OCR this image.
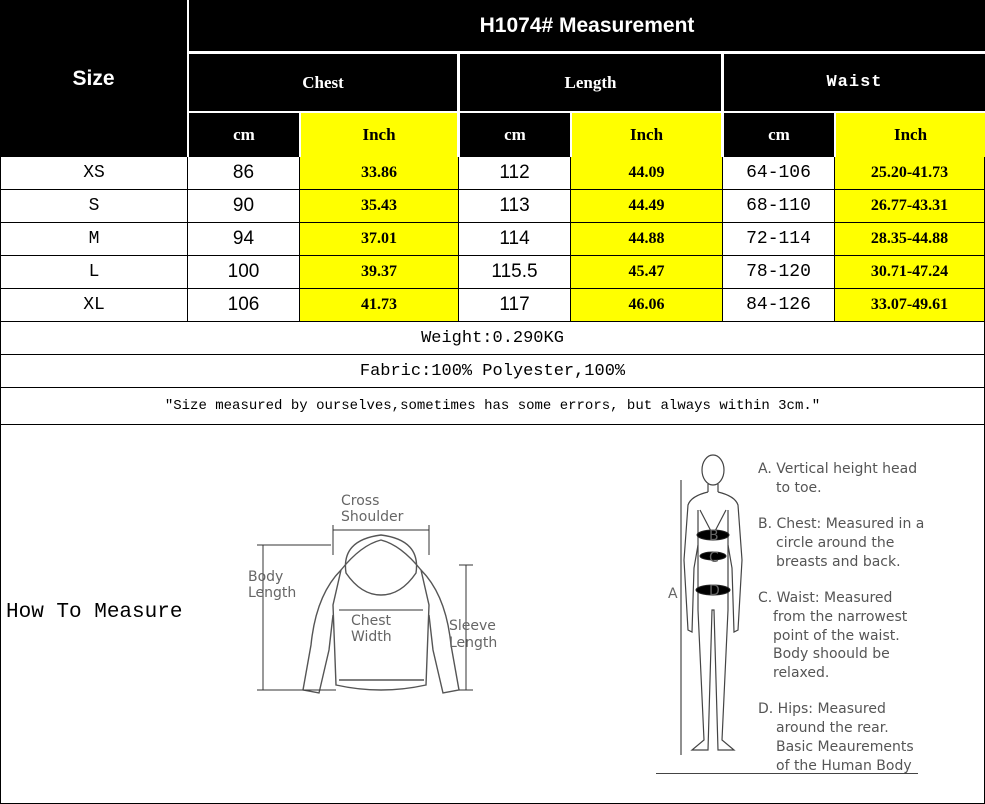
Size
H1074# Measurement
Chest	Length	Waist
cm	Inch	cm	Inch	cm	Inch
XS	86	33.86	112	44.09	64-106	25.20-41.73
S	90	35.43	113	44.49	68-110	26.77-43.31
M	94	37.01	114	44.88	72-114	28.35-44.88
L	100	39.37	115.5	45.47	78-120	30.71-47.24
XL	106	41.73	117	46.06	84-126	33.07-49.61
Weight:0.290KG
Fabric:100% Polyester,100%
"Size measured by ourselves,sometimes has some errors, but always within 3cm."
How To Measure
Cross
Shoulder
Body
Length
Chest
Width
Sleeve
Length
B
C
D
A
A. Vertical height head
to toe.
B. Chest: Measured in a
circle around the
breasts and back.
C. Waist: Measured
from the narrowest
point of the waist.
Body shoould be
relaxed.
D. Hips: Measured
around the rear.
Basic Meaurements
of the Human Body
